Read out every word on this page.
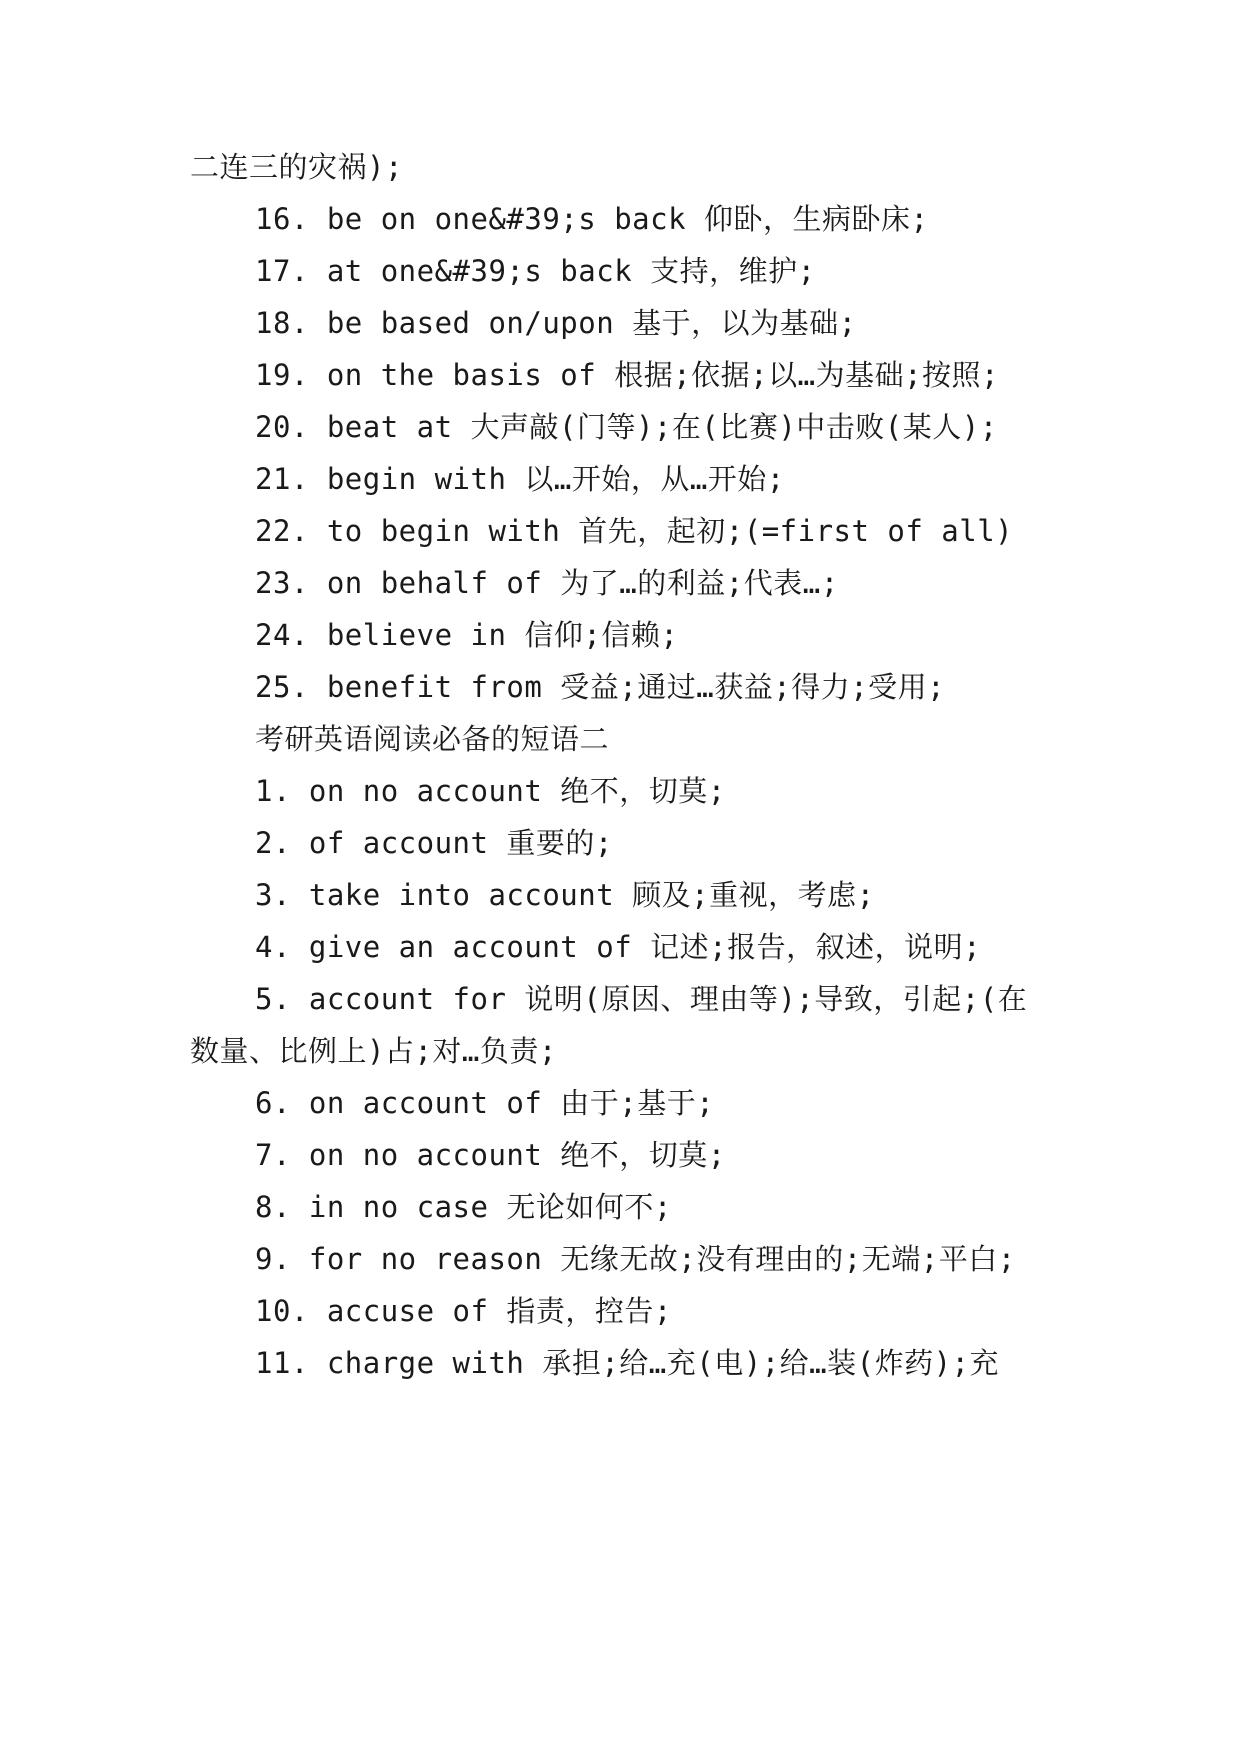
二连三的灾祸);
16. be on one&#39;s back 仰卧，生病卧床;
17. at one&#39;s back 支持，维护;
18. be based on/upon 基于，以为基础;
19. on the basis of 根据;依据;以…为基础;按照;
20. beat at 大声敲(门等);在(比赛)中击败(某人);
21. begin with 以…开始，从…开始;
22. to begin with 首先，起初;(=first of all)
23. on behalf of 为了…的利益;代表…;
24. believe in 信仰;信赖;
25. benefit from 受益;通过…获益;得力;受用;
考研英语阅读必备的短语二
1. on no account 绝不，切莫;
2. of account 重要的;
3. take into account 顾及;重视，考虑;
4. give an account of 记述;报告，叙述，说明;
5. account for 说明(原因、理由等);导致，引起;(在
数量、比例上)占;对…负责;
6. on account of 由于;基于;
7. on no account 绝不，切莫;
8. in no case 无论如何不;
9. for no reason 无缘无故;没有理由的;无端;平白;
10. accuse of 指责，控告;
11. charge with 承担;给…充(电);给…装(炸药);充
